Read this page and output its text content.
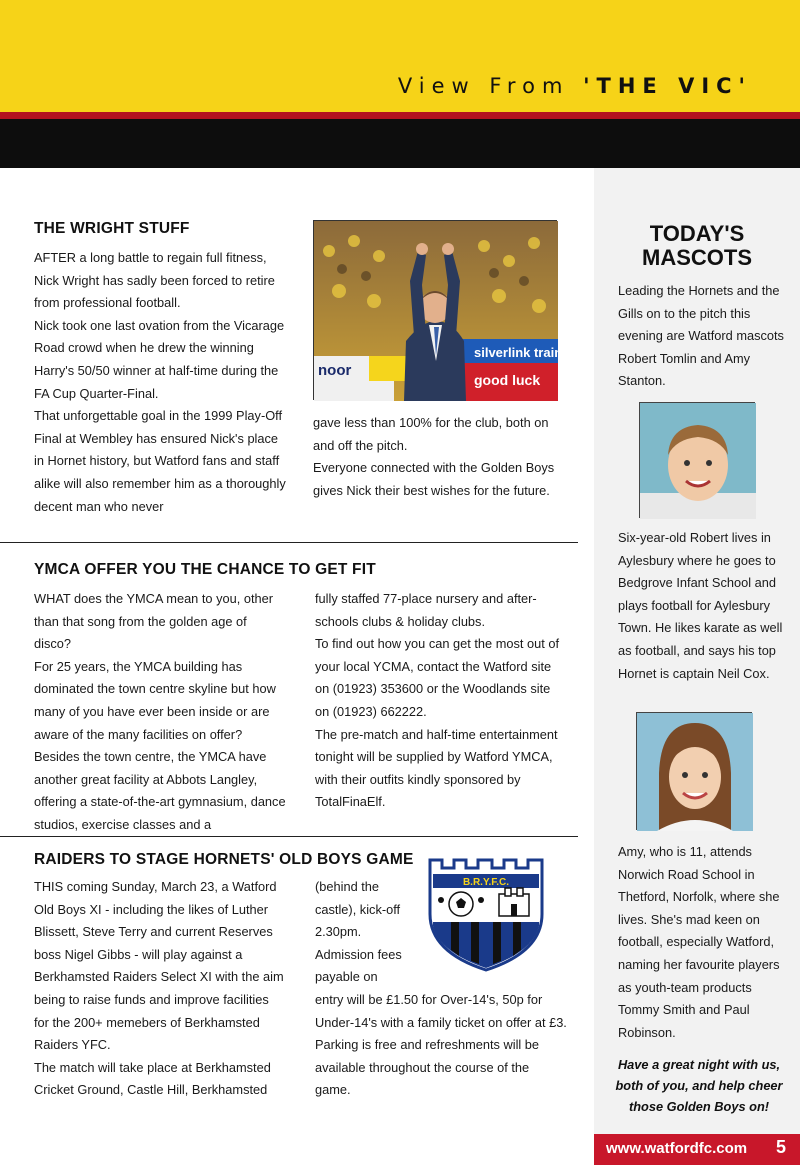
View From 'THE VIC'
THE WRIGHT STUFF

AFTER a long battle to regain full fitness, Nick Wright has sadly been forced to retire from professional football.

Nick took one last ovation from the Vicarage Road crowd when he drew the winning Harry's 50/50 winner at half-time during the FA Cup Quarter-Final.

That unforgettable goal in the 1999 Play-Off Final at Wembley has ensured Nick's place in Hornet history, but Watford fans and staff alike will also remember him as a thoroughly decent man who never

silverlink trains
good luck
noor

gave less than 100% for the club, both on and off the pitch.

Everyone connected with the Golden Boys gives Nick their best wishes for the future.

YMCA OFFER YOU THE CHANCE TO GET FIT

WHAT does the YMCA mean to you, other than that song from the golden age of disco?

For 25 years, the YMCA building has dominated the town centre skyline but how many of you have ever been inside or are aware of the many facilities on offer?

Besides the town centre, the YMCA have another great facility at Abbots Langley, offering a state-of-the-art gymnasium, dance studios, exercise classes and a

fully staffed 77-place nursery and after-schools clubs & holiday clubs.

To find out how you can get the most out of your local YCMA, contact the Watford site on (01923) 353600 or the Woodlands site on (01923) 662222.

The pre-match and half-time entertainment tonight will be supplied by Watford YMCA, with their outfits kindly sponsored by TotalFinaElf.

RAIDERS TO STAGE HORNETS' OLD BOYS GAME

THIS coming Sunday, March 23, a Watford Old Boys XI - including the likes of Luther Blissett, Steve Terry and current Reserves boss Nigel Gibbs - will play against a Berkhamsted Raiders Select XI with the aim being to raise funds and improve facilities for the 200+ memebers of Berkhamsted Raiders YFC.

The match will take place at Berkhamsted Cricket Ground, Castle Hill, Berkhamsted

(behind the castle), kick-off 2.30pm. Admission fees payable on

entry will be £1.50 for Over-14's, 50p for Under-14's with a family ticket on offer at £3. Parking is free and refreshments will be available throughout the course of the game.

B.R.Y.F.C.
TODAY'S MASCOTS
Leading the Hornets and the Gills on to the pitch this evening are Watford mascots Robert Tomlin and Amy Stanton.
Six-year-old Robert lives in Aylesbury where he goes to Bedgrove Infant School and plays football for Aylesbury Town. He likes karate as well as football, and says his top Hornet is captain Neil Cox.
Amy, who is 11, attends Norwich Road School in Thetford, Norfolk, where she lives. She's mad keen on football, especially Watford, naming her favourite players as youth-team products Tommy Smith and Paul Robinson.
Have a great night with us, both of you, and help cheer those Golden Boys on!
www.watfordfc.com 5
